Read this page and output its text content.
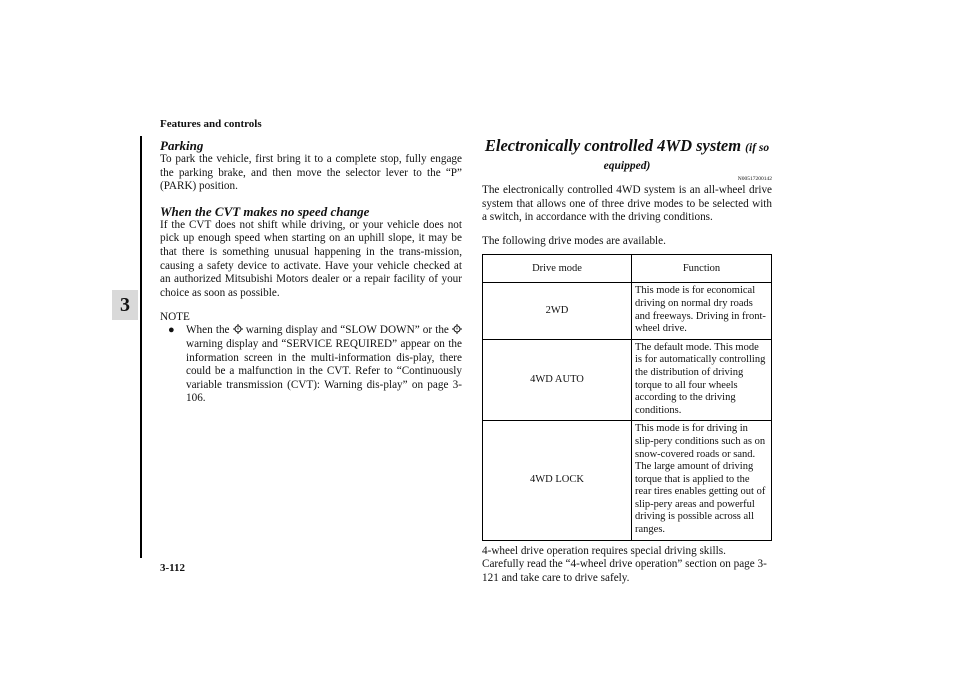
Features and controls
3
Parking

To park the vehicle, first bring it to a complete stop, fully engage the parking brake, and then move the selector lever to the “P” (PARK) position.

When the CVT makes no speed change

If the CVT does not shift while driving, or your vehicle does not pick up enough speed when starting on an uphill slope, it may be that there is something unusual happening in the trans-mission, causing a safety device to activate. Have your vehicle checked at an authorized Mitsubishi Motors dealer or a repair facility of your choice as soon as possible.

NOTE
● When the warning display and “SLOW DOWN” or the  warning display and “SERVICE REQUIRED” appear on the information screen in the multi-information dis-play, there could be a malfunction in the CVT. Refer to “Continuously variable transmission (CVT): Warning dis-play” on page 3-106.
Electronically controlled 4WD system (if so equipped)
N00517200142

The electronically controlled 4WD system is an all-wheel drive system that allows one of three drive modes to be selected with a switch, in accordance with the driving conditions.

The following drive modes are available.

Drive mode	Function
2WD	This mode is for economical driving on normal dry roads and freeways. Driving in front-wheel drive.
4WD AUTO	The default mode. This mode is for automatically controlling the distribution of driving torque to all four wheels according to the driving conditions.
4WD LOCK	This mode is for driving in slip-pery conditions such as on snow-covered roads or sand. The large amount of driving torque that is applied to the rear tires enables getting out of slip-pery areas and powerful driving is possible across all ranges.

4-wheel drive operation requires special driving skills.

Carefully read the “4-wheel drive operation” section on page 3-121 and take care to drive safely.

3-112
